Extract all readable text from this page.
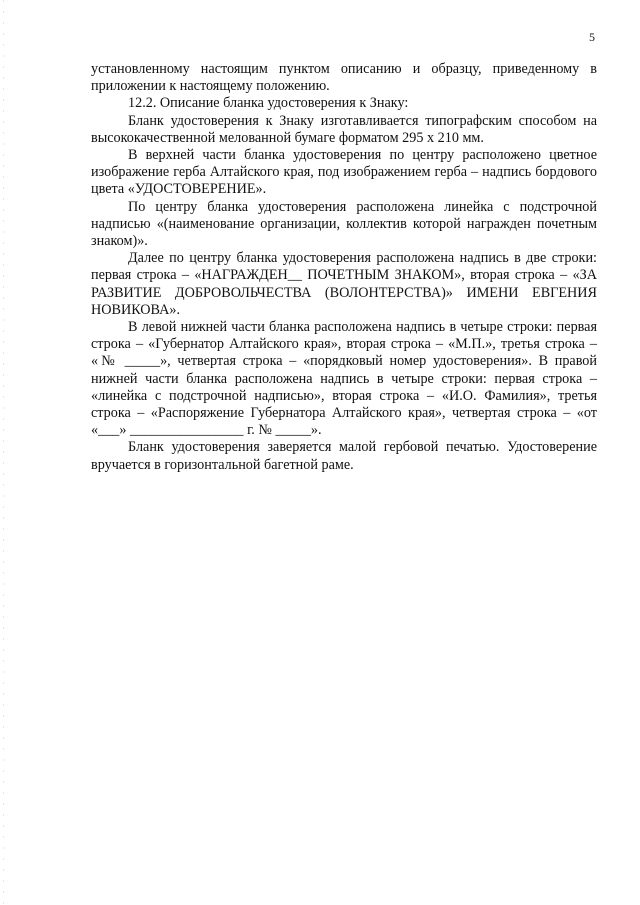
5

установленному настоящим пунктом описанию и образцу, приведенному в приложении к настоящему положению.

12.2. Описание бланка удостоверения к Знаку:

Бланк удостоверения к Знаку изготавливается типографским способом на высококачественной мелованной бумаге форматом 295 х 210 мм.

В верхней части бланка удостоверения по центру расположено цветное изображение герба Алтайского края, под изображением герба – надпись бордового цвета «УДОСТОВЕРЕНИЕ».

По центру бланка удостоверения расположена линейка с подстрочной надписью «(наименование организации, коллектив которой награжден почетным знаком)».

Далее по центру бланка удостоверения расположена надпись в две строки: первая строка – «НАГРАЖДЕН__ ПОЧЕТНЫМ ЗНАКОМ», вторая строка – «ЗА РАЗВИТИЕ ДОБРОВОЛЬЧЕСТВА (ВОЛОНТЕРСТВА)» ИМЕНИ ЕВГЕНИЯ НОВИКОВА».

В левой нижней части бланка расположена надпись в четыре строки: первая строка – «Губернатор Алтайского края», вторая строка – «М.П.», третья строка – «№ _____», четвертая строка – «порядковый номер удостоверения». В правой нижней части бланка расположена надпись в четыре строки: первая строка – «линейка с подстрочной надписью», вторая строка – «И.О. Фамилия», третья строка – «Распоряжение Губернатора Алтайского края», четвертая строка – «от «___» ________________ г. № _____».

Бланк удостоверения заверяется малой гербовой печатью. Удостоверение вручается в горизонтальной багетной раме.
